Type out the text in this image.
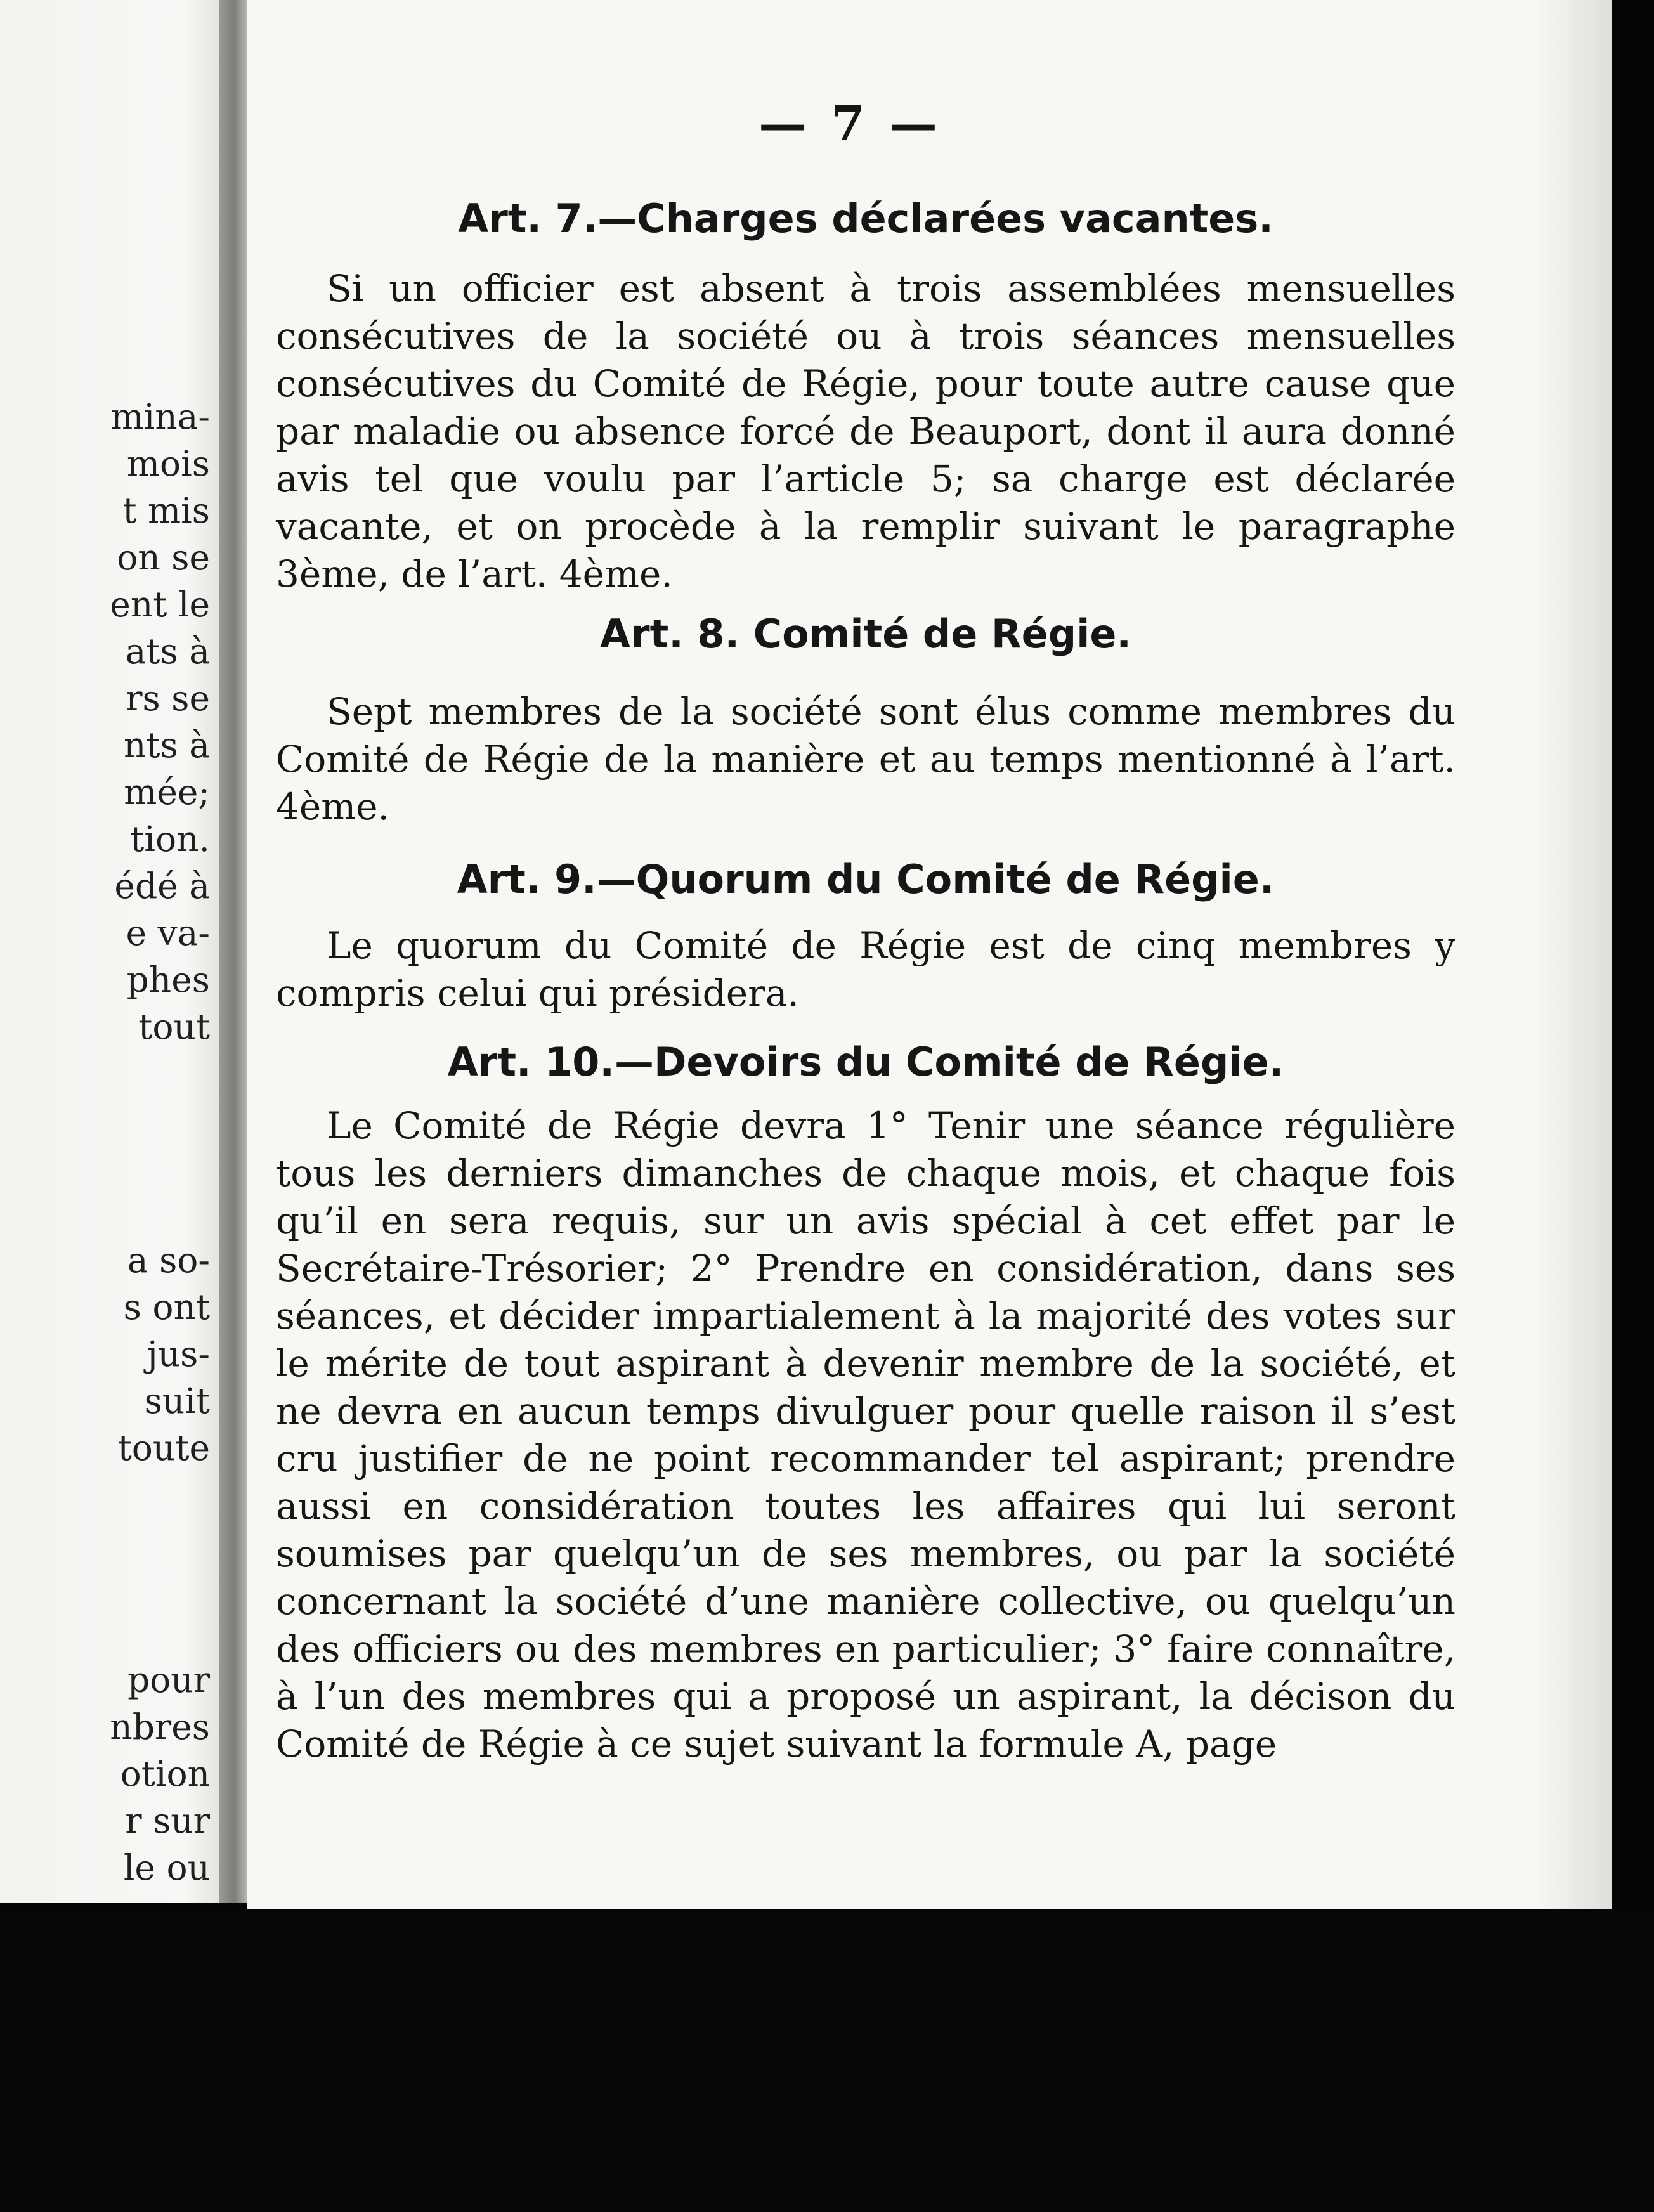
mina-
mois
t mis
on se
ent le
ats à
rs se
nts à
mée;
tion.
édé à
e va-
phes
tout
a so-
s ont
jus-
suit
toute
pour
nbres
otion
r sur
le ou
— 7 —
Art. 7.—Charges déclarées vacantes.
Si un officier est absent à trois assemblées mensuelles consécutives de la société ou à trois séances mensuelles consécutives du Comité de Régie, pour toute autre cause que par maladie ou absence forcé de Beauport, dont il aura donné avis tel que voulu par l’article 5; sa charge est déclarée vacante, et on procède à la remplir suivant le paragraphe 3ème, de l’art. 4ème.
Art. 8. Comité de Régie.
Sept membres de la société sont élus comme membres du Comité de Régie de la manière et au temps mentionné à l’art. 4ème.
Art. 9.—Quorum du Comité de Régie.
Le quorum du Comité de Régie est de cinq membres y compris celui qui présidera.
Art. 10.—Devoirs du Comité de Régie.
Le Comité de Régie devra 1° Tenir une séance régulière tous les derniers dimanches de chaque mois, et chaque fois qu’il en sera requis, sur un avis spécial à cet effet par le Secrétaire-Trésorier; 2° Prendre en considération, dans ses séances, et décider impartialement à la majorité des votes sur le mérite de tout aspirant à devenir membre de la société, et ne devra en aucun temps divulguer pour quelle raison il s’est cru justifier de ne point recommander tel aspirant; prendre aussi en considération toutes les affaires qui lui seront soumises par quelqu’un de ses membres, ou par la société concernant la société d’une manière collective, ou quelqu’un des officiers ou des membres en particulier; 3° faire connaître, à l’un des membres qui a proposé un aspirant, la décison du Comité de Régie à ce sujet suivant la formule A, page
